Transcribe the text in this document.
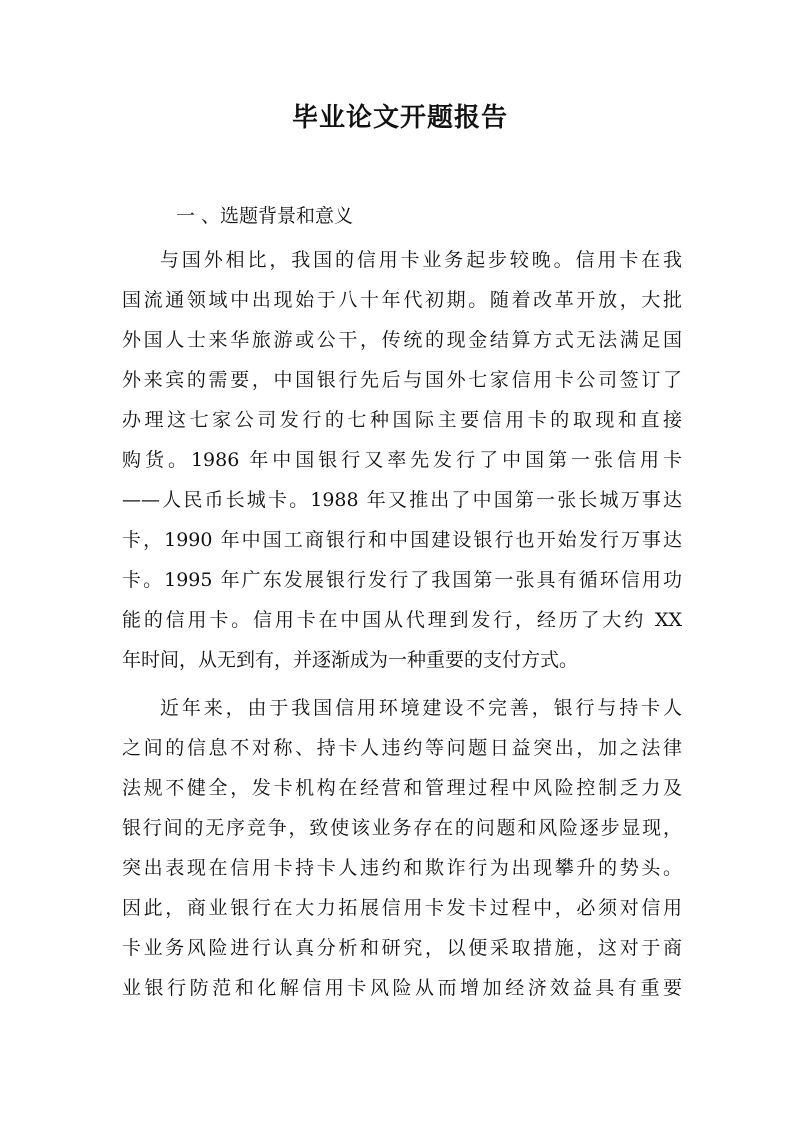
毕业论文开题报告

一 、选题背景和意义

与国外相比，我国的信用卡业务起步较晚。信用卡在我
国流通领域中出现始于八十年代初期。随着改革开放，大批
外国人士来华旅游或公干，传统的现金结算方式无法满足国
外来宾的需要，中国银行先后与国外七家信用卡公司签订了
办理这七家公司发行的七种国际主要信用卡的取现和直接
购货。1986 年中国银行又率先发行了中国第一张信用卡
——人民币长城卡。1988 年又推出了中国第一张长城万事达
卡，1990 年中国工商银行和中国建设银行也开始发行万事达
卡。1995 年广东发展银行发行了我国第一张具有循环信用功
能的信用卡。信用卡在中国从代理到发行，经历了大约 XX
年时间，从无到有，并逐渐成为一种重要的支付方式。

近年来，由于我国信用环境建设不完善，银行与持卡人
之间的信息不对称、持卡人违约等问题日益突出，加之法律
法规不健全，发卡机构在经营和管理过程中风险控制乏力及
银行间的无序竞争，致使该业务存在的问题和风险逐步显现，
突出表现在信用卡持卡人违约和欺诈行为出现攀升的势头。
因此，商业银行在大力拓展信用卡发卡过程中，必须对信用
卡业务风险进行认真分析和研究，以便采取措施，这对于商
业银行防范和化解信用卡风险从而增加经济效益具有重要
